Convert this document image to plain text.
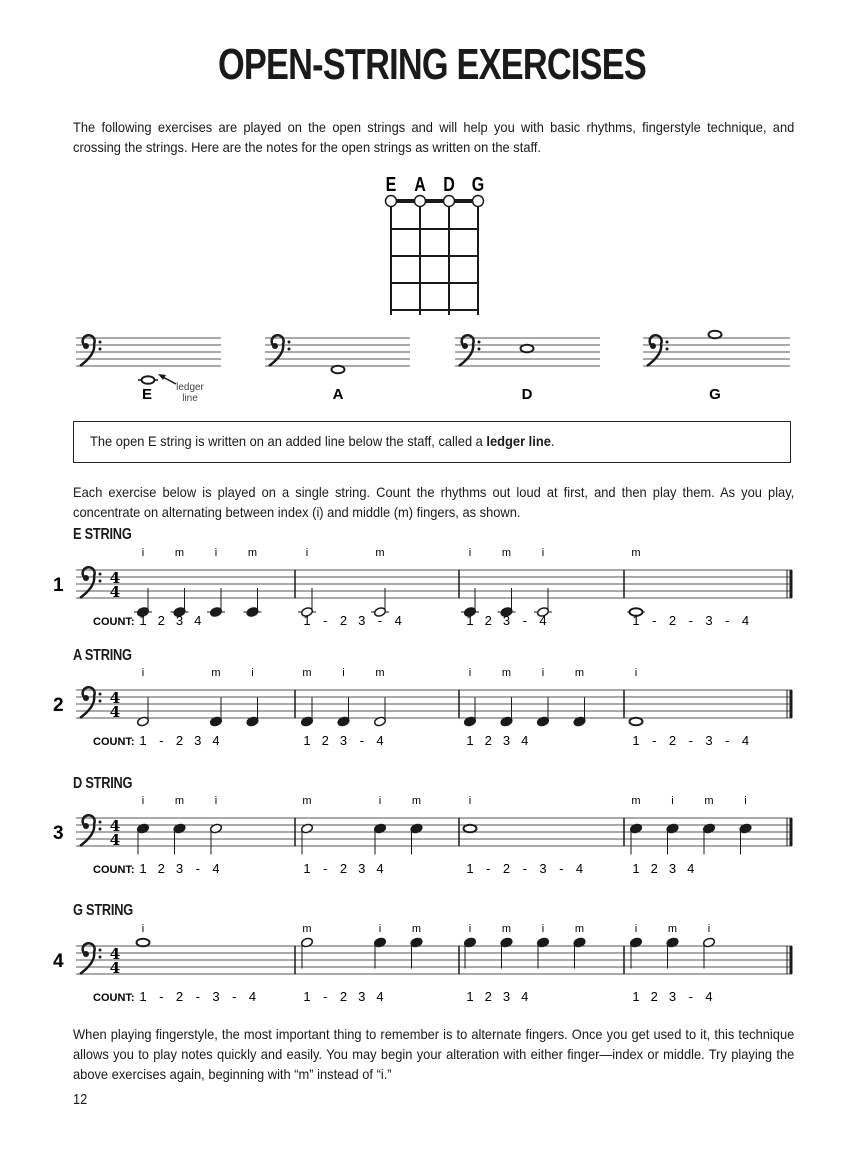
OPEN-STRING EXERCISES
The following exercises are played on the open strings and will help you with basic rhythms, fingerstyle technique, and crossing the strings. Here are the notes for the open strings as written on the staff.
E A D G
E ledger
line	A	D	G
1	4
4
COUNT:
i	m	i	m
1 2 3 4
i	m
1 - 2 3 - 4
i	m	i
1 2 3 - 4
m
1 - 2 - 3 - 4
2	4
4
COUNT:
i	m	i
1 - 2 3 4
m	i	m
1 2 3 - 4
i	m	i	m
1 2 3 4
i
1 - 2 - 3 - 4
3	4
4
COUNT:
i	m	i
1 2 3 - 4
m	i	m
1 - 2 3 4
i
1 - 2 - 3 - 4
m	i	m	i
1 2 3 4
4	4
4
COUNT:
i
1 - 2 - 3 - 4
m	i	m
1 - 2 3 4
i	m	i	m
1 2 3 4
i	m	i
1 2 3 - 4
The open E string is written on an added line below the staff, called a ledger line.
Each exercise below is played on a single string. Count the rhythms out loud at first, and then play them. As you play, concentrate on alternating between index (i) and middle (m) fingers, as shown.
E STRING
A STRING
D STRING
G STRING
When playing fingerstyle, the most important thing to remember is to alternate fingers. Once you get used to it, this technique allows you to play notes quickly and easily. You may begin your alteration with either finger—index or middle. Try playing the above exercises again, beginning with “m” instead of “i.”
12
